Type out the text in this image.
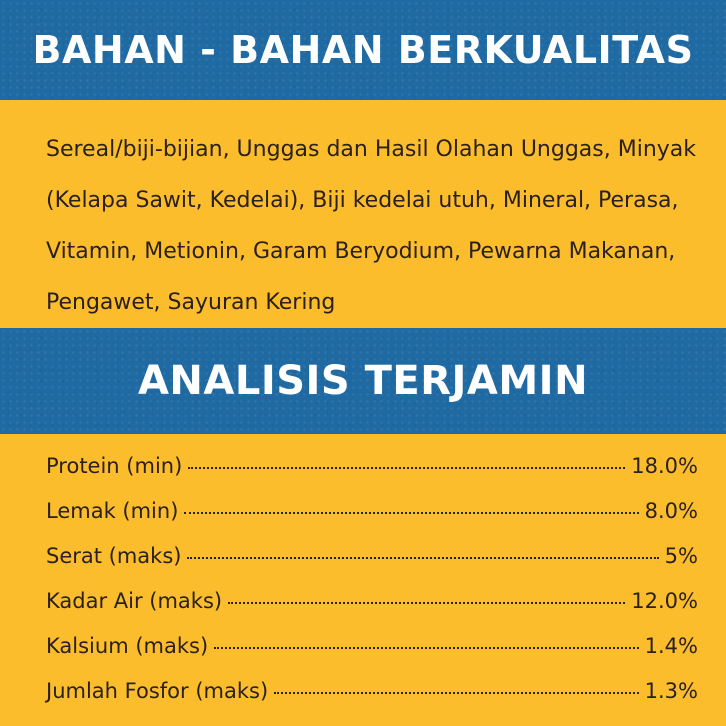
BAHAN - BAHAN BERKUALITAS

Sereal/biji-bijian, Unggas dan Hasil Olahan Unggas, Minyak (Kelapa Sawit, Kedelai), Biji kedelai utuh, Mineral, Perasa, Vitamin, Metionin, Garam Beryodium, Pewarna Makanan, Pengawet, Sayuran Kering

ANALISIS TERJAMIN
Protein (min)	18.0%
Lemak (min)	8.0%
Serat (maks)	5%
Kadar Air (maks)	12.0%
Kalsium (maks)	1.4%
Jumlah Fosfor (maks)	1.3%
